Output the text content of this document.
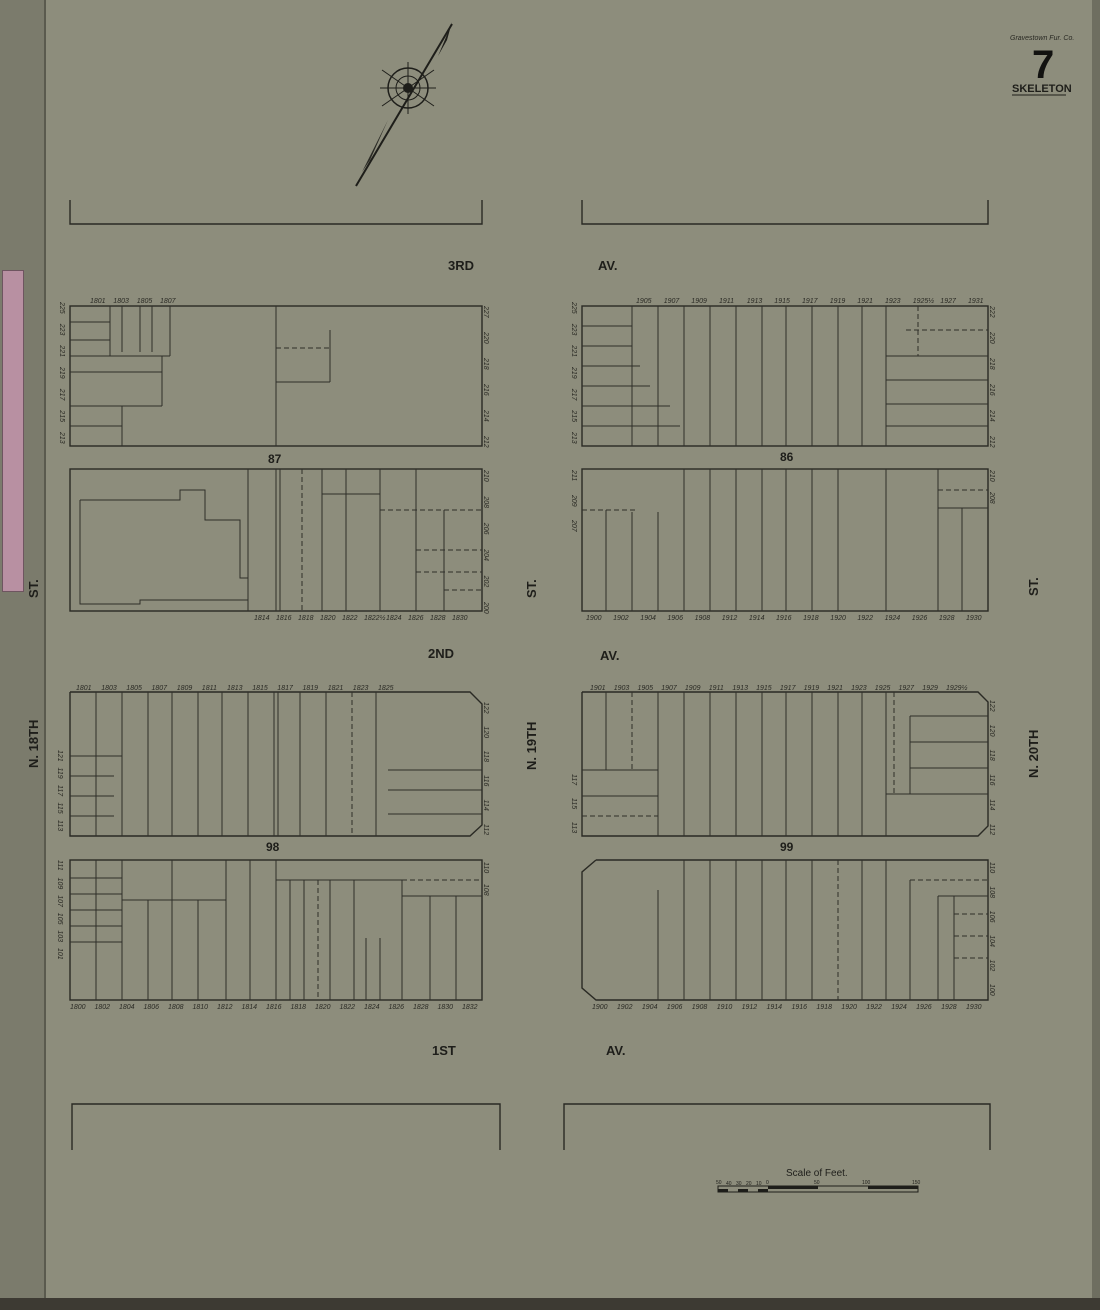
Gravestown Fur. Co.
7
SKELETON
3RD	AV.
2ND	AV.
1ST	AV.
ST.
N. 18TH
ST.
N. 19TH
ST.
N. 20TH
87	86
98	99
Scale of Feet.
50 40 30 20 10 0	50	100	150
1801 1803 1805 1807
225
223
221
219
217
215
213
227
220
218
216
214
212
1814 1816 1818 1820 1822 1822½ 1824 1826 1828 1830
210
208
206
204
202
200
1905 1907 1909 1911 1913 1915 1917 1919 1921 1923 1925½ 1927 1931
225
223
221
219
217
215
213
222
220
218
216
214
212
1900 1902 1904 1906 1908 1912 1914 1916 1918 1920 1922 1924 1926 1928 1930
211
209
207
210
208
1801 1803 1805 1807 1809 1811 1813 1815 1817 1819 1821 1823 1825
121
119
117
115
113
122
120
118
116
114
112
1800 1802 1804 1806 1808 1810 1812 1814 1816 1818 1820 1822 1824 1826 1828 1830 1832
111
109
107
105
103
101
110
108
1901 1903 1905 1907 1909 1911 1913 1915 1917 1919 1921 1923 1925 1927 1929 1929½
117
115
113
122
120
118
116
114
112
1900 1902 1904 1906 1908 1910 1912 1914 1916 1918 1920 1922 1924 1926 1928 1930
110
108
106
104
102
100
